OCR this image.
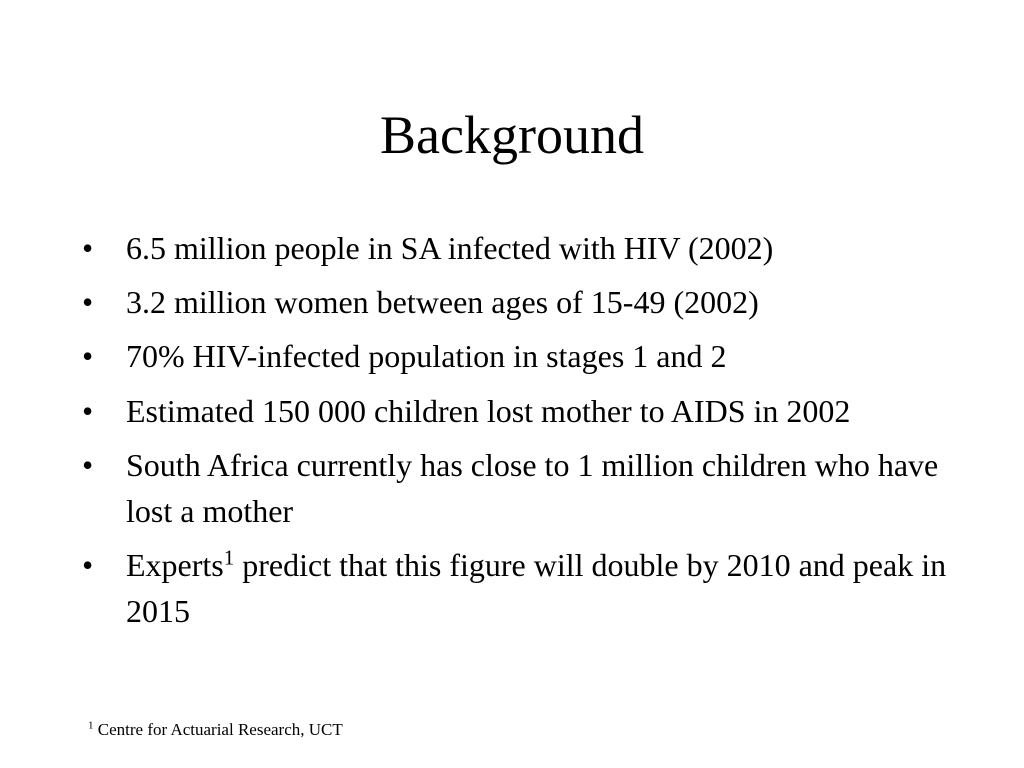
Background
•	6.5 million people in SA infected with HIV (2002)
•	3.2 million women between ages of 15-49 (2002)
•	70% HIV-infected population in stages 1 and 2
•	Estimated 150 000 children lost mother to AIDS in 2002
•	South Africa currently has close to 1 million children who have lost a mother
•	Experts$^1$ predict that this figure will double by 2010 and peak in 2015
$^1$ Centre for Actuarial Research, UCT
